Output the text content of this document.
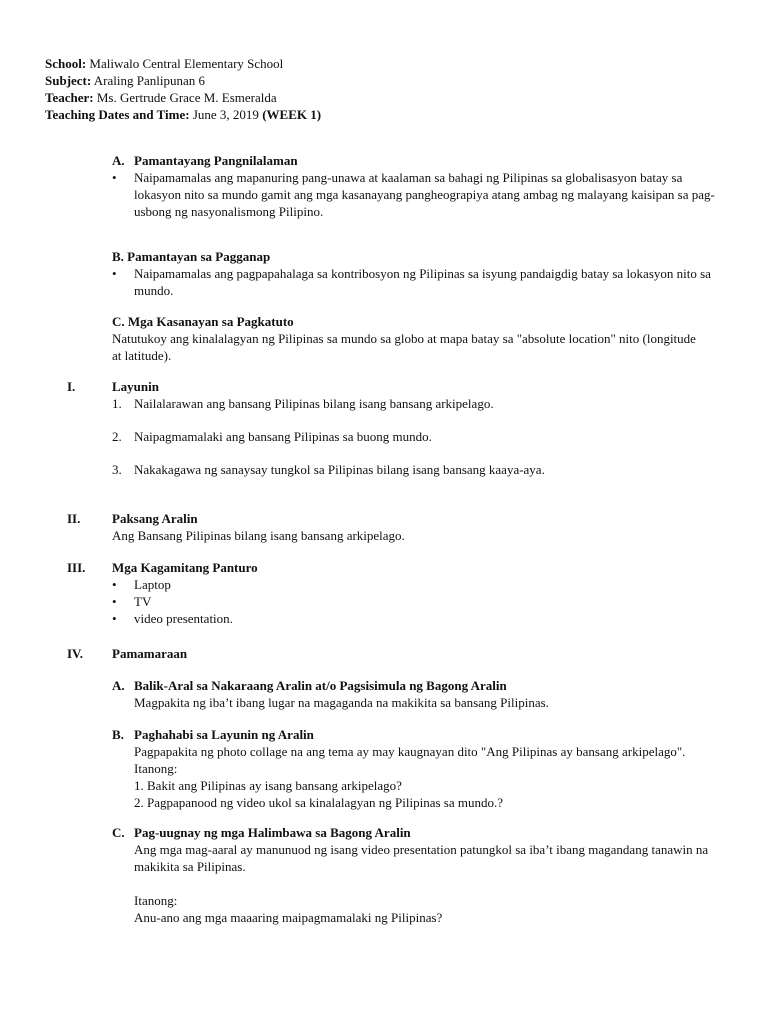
School: Maliwalo Central Elementary School
Subject: Araling Panlipunan 6
Teacher: Ms. Gertrude Grace M. Esmeralda
Teaching Dates and Time: June 3, 2019 (WEEK 1)
A. Pamantayang Pangnilalaman
• Naipamamalas ang mapanuring pang-unawa at kaalaman sa bahagi ng Pilipinas sa globalisasyon batay sa lokasyon nito sa mundo gamit ang mga kasanayang pangheograpiya atang ambag ng malayang kaisipan sa pag-usbong ng nasyonalismong Pilipino.

B. Pamantayan sa Pagganap
• Naipamamalas ang pagpapahalaga sa kontribosyon ng Pilipinas sa isyung pandaigdig batay sa lokasyon nito sa mundo.

C. Mga Kasanayan sa Pagkatuto

Natutukoy ang kinalalagyan ng Pilipinas sa mundo sa globo at mapa batay sa "absolute location" nito (longitude at latitude).

I.	Layunin
1. Nailalarawan ang bansang Pilipinas bilang isang bansang arkipelago.
2. Naipagmamalaki ang bansang Pilipinas sa buong mundo.
3. Nakakagawa ng sanaysay tungkol sa Pilipinas bilang isang bansang kaaya-aya.
II. Paksang Aralin

Ang Bansang Pilipinas bilang isang bansang arkipelago.

III. Mga Kagamitang Panturo
• Laptop
• TV
• video presentation.
IV. Pamamaraan
A. Balik-Aral sa Nakaraang Aralin at/o Pagsisimula ng Bagong Aralin

Magpakita ng iba’t ibang lugar na magaganda na makikita sa bansang Pilipinas.

B. Paghahabi sa Layunin ng Aralin

Pagpapakita ng photo collage na ang tema ay may kaugnayan dito "Ang Pilipinas ay bansang arkipelago".

Itanong:

1. Bakit ang Pilipinas ay isang bansang arkipelago?

2. Pagpapanood ng video ukol sa kinalalagyan ng Pilipinas sa mundo.?

C. Pag-uugnay ng mga Halimbawa sa Bagong Aralin

Ang mga mag-aaral ay manunuod ng isang video presentation patungkol sa iba’t ibang magandang tanawin na makikita sa Pilipinas.

Itanong:

Anu-ano ang mga maaaring maipagmamalaki ng Pilipinas?
